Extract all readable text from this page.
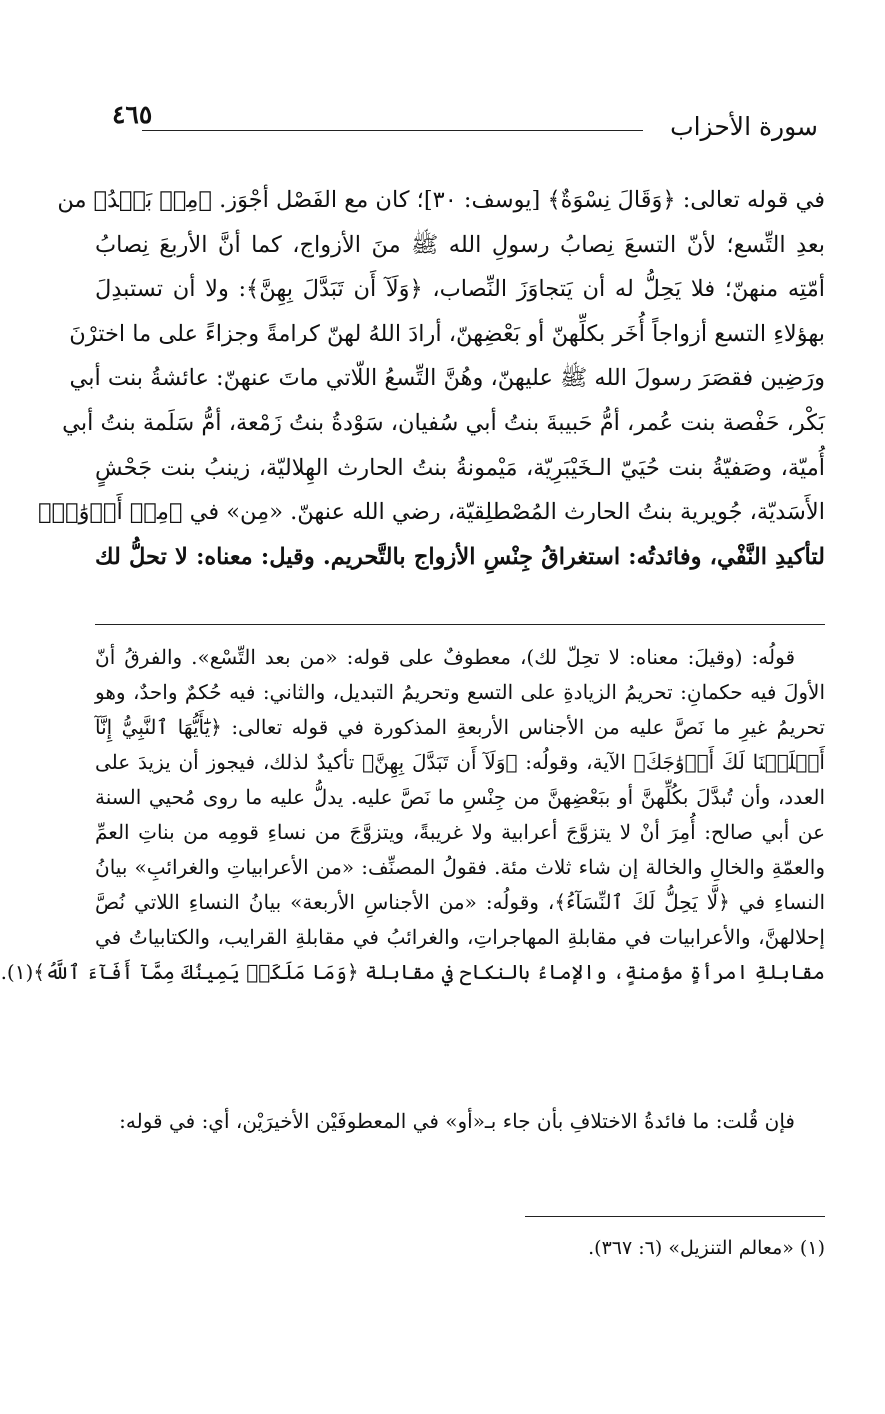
سورة الأحزاب
٤٦٥
في قوله تعالى: ﴿وَقَالَ نِسْوَةٌ﴾ [يوسف: ٣٠]؛ كان مع الفَصْل أجْوَز. ﴿مِنۢ بَعۡدُ﴾ من
بعدِ التِّسع؛ لأنّ التسعَ نِصابُ رسولِ الله ﷺ منَ الأزواج، كما أنَّ الأربعَ نِصابُ
أمّتِه منهنّ؛ فلا يَحِلُّ له أن يَتجاوَزَ النِّصاب، ﴿وَلَآ أَن تَبَدَّلَ بِهِنَّ﴾: ولا أن تستبدِلَ
بهؤلاءِ التسع أزواجاً أُخَر بكلِّهنّ أو بَعْضِهنّ، أرادَ اللهُ لهنّ كرامةً وجزاءً على ما اخترْنَ
ورَضِين فقصَرَ رسولَ الله ﷺ عليهنّ، وهُنَّ التِّسعُ اللّاتي ماتَ عنهنّ: عائشةُ بنت أبي
بَكْر، حَفْصة بنت عُمر، أمُّ حَبيبةَ بنتُ أبي سُفيان، سَوْدةُ بنتُ زَمْعة، أمُّ سَلَمة بنتُ أبي
أُميّة، وصَفيّةُ بنت حُيَيّ الـخَيْبَرِيّة، مَيْمونةُ بنتُ الحارث الهِلاليّة، زينبُ بنت جَحْشٍ
الأَسَديّة، جُويرية بنتُ الحارث المُصْطلِقيّة، رضي الله عنهنّ. «مِن» في ﴿مِنۡ أَزۡوَٰجٖ﴾
لتأكيدِ النَّفْي، وفائدتُه: استغراقُ جِنْسِ الأزواج بالتَّحريم. وقيل: معناه: لا تحلُّ لك
قولُه: (وقيلَ: معناه: لا تحِلّ لك)، معطوفٌ على قوله: «من بعد التِّسْع». والفرقُ أنّ
الأولَ فيه حكمانِ: تحريمُ الزيادةِ على التسع وتحريمُ التبديل، والثاني: فيه حُكمٌ واحدٌ، وهو
تحريمُ غيرِ ما نَصَّ عليه من الأجناس الأربعةِ المذكورة في قوله تعالى: ﴿يَٰٓأَيُّهَا ٱلنَّبِيُّ إِنَّآ
أَحۡلَلۡنَا لَكَ أَزۡوَٰجَكَ﴾ الآية، وقولُه: ﴿وَلَآ أَن تَبَدَّلَ بِهِنَّ﴾ تأكيدٌ لذلك، فيجوز أن يزيدَ على
العدد، وأن تُبدَّلَ بكُلِّهنَّ أو ببَعْضِهنَّ من جِنْسِ ما نَصَّ عليه. يدلُّ عليه ما روى مُحيي السنة
عن أبي صالح: أُمِرَ أنْ لا يتزوَّجَ أعرابية ولا غريبةً، ويتزوَّجَ من نساءِ قومِه من بناتِ العمِّ
والعمّةِ والخالِ والخالة إن شاء ثلاث مئة. فقولُ المصنِّف: «من الأعرابياتِ والغرائبِ» بيانُ
النساءِ في ﴿لَّا يَحِلُّ لَكَ ٱلنِّسَآءُ﴾، وقولُه: «من الأجناسِ الأربعة» بيانُ النساءِ اللاتي نُصَّ
إحلالهنَّ، والأعرابيات في مقابلةِ المهاجراتِ، والغرائبُ في مقابلةِ القرايب، والكتابياتُ في
مقابلةِ امرأةٍ مؤمنةٍ، والإماءُ بالنكاح في مقابلة ﴿وَمَا مَلَكَتۡ يَمِينُكَ مِمَّآ أَفَآءَ ٱللَّهُ﴾(١).

فإن قُلت: ما فائدةُ الاختلافِ بأن جاء بـ«أو» في المعطوفَيْن الأخيرَيْن، أي: في قوله:

(١) «معالم التنزيل» (٦: ٣٦٧).
